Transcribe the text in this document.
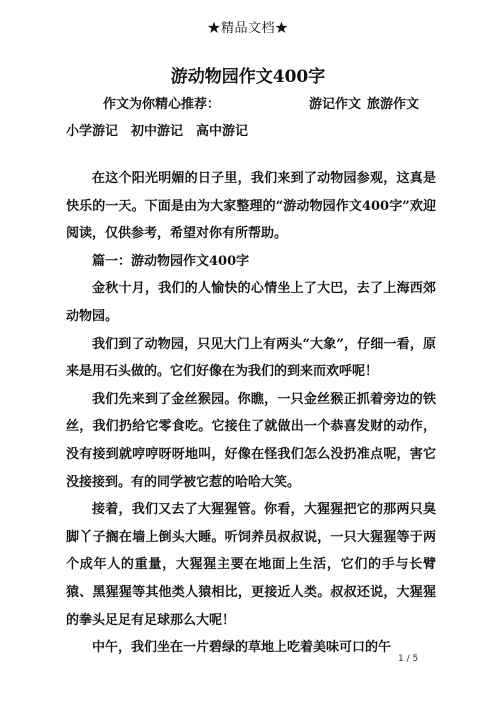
★精品文档★
游动物园作文400字
作文为你精心推荐：	游记作文 旅游作文
小学游记 初中游记 高中游记

在这个阳光明媚的日子里，我们来到了动物园参观，这真是快乐的一天。下面是由为大家整理的“游动物园作文400字”欢迎阅读，仅供参考，希望对你有所帮助。

篇一：游动物园作文400字

金秋十月，我们的人愉快的心情坐上了大巴，去了上海西郊动物园。

我们到了动物园，只见大门上有两头“大象”，仔细一看，原来是用石头做的。它们好像在为我们的到来而欢呼呢！

我们先来到了金丝猴园。你瞧，一只金丝猴正抓着旁边的铁丝，我们扔给它零食吃。它接住了就做出一个恭喜发财的动作，没有接到就哼哼呀呀地叫，好像在怪我们怎么没扔准点呢，害它没接接到。有的同学被它惹的哈哈大笑。

接着，我们又去了大猩猩管。你看，大猩猩把它的那两只臭脚丫子搁在墙上倒头大睡。听饲养员叔叔说，一只大猩猩等于两个成年人的重量，大猩猩主要在地面上生活，它们的手与长臂猿、黑猩猩等其他类人猿相比，更接近人类。叔叔还说，大猩猩的拳头足足有足球那么大呢！

中午，我们坐在一片碧绿的草地上吃着美味可口的午

1 / 5
